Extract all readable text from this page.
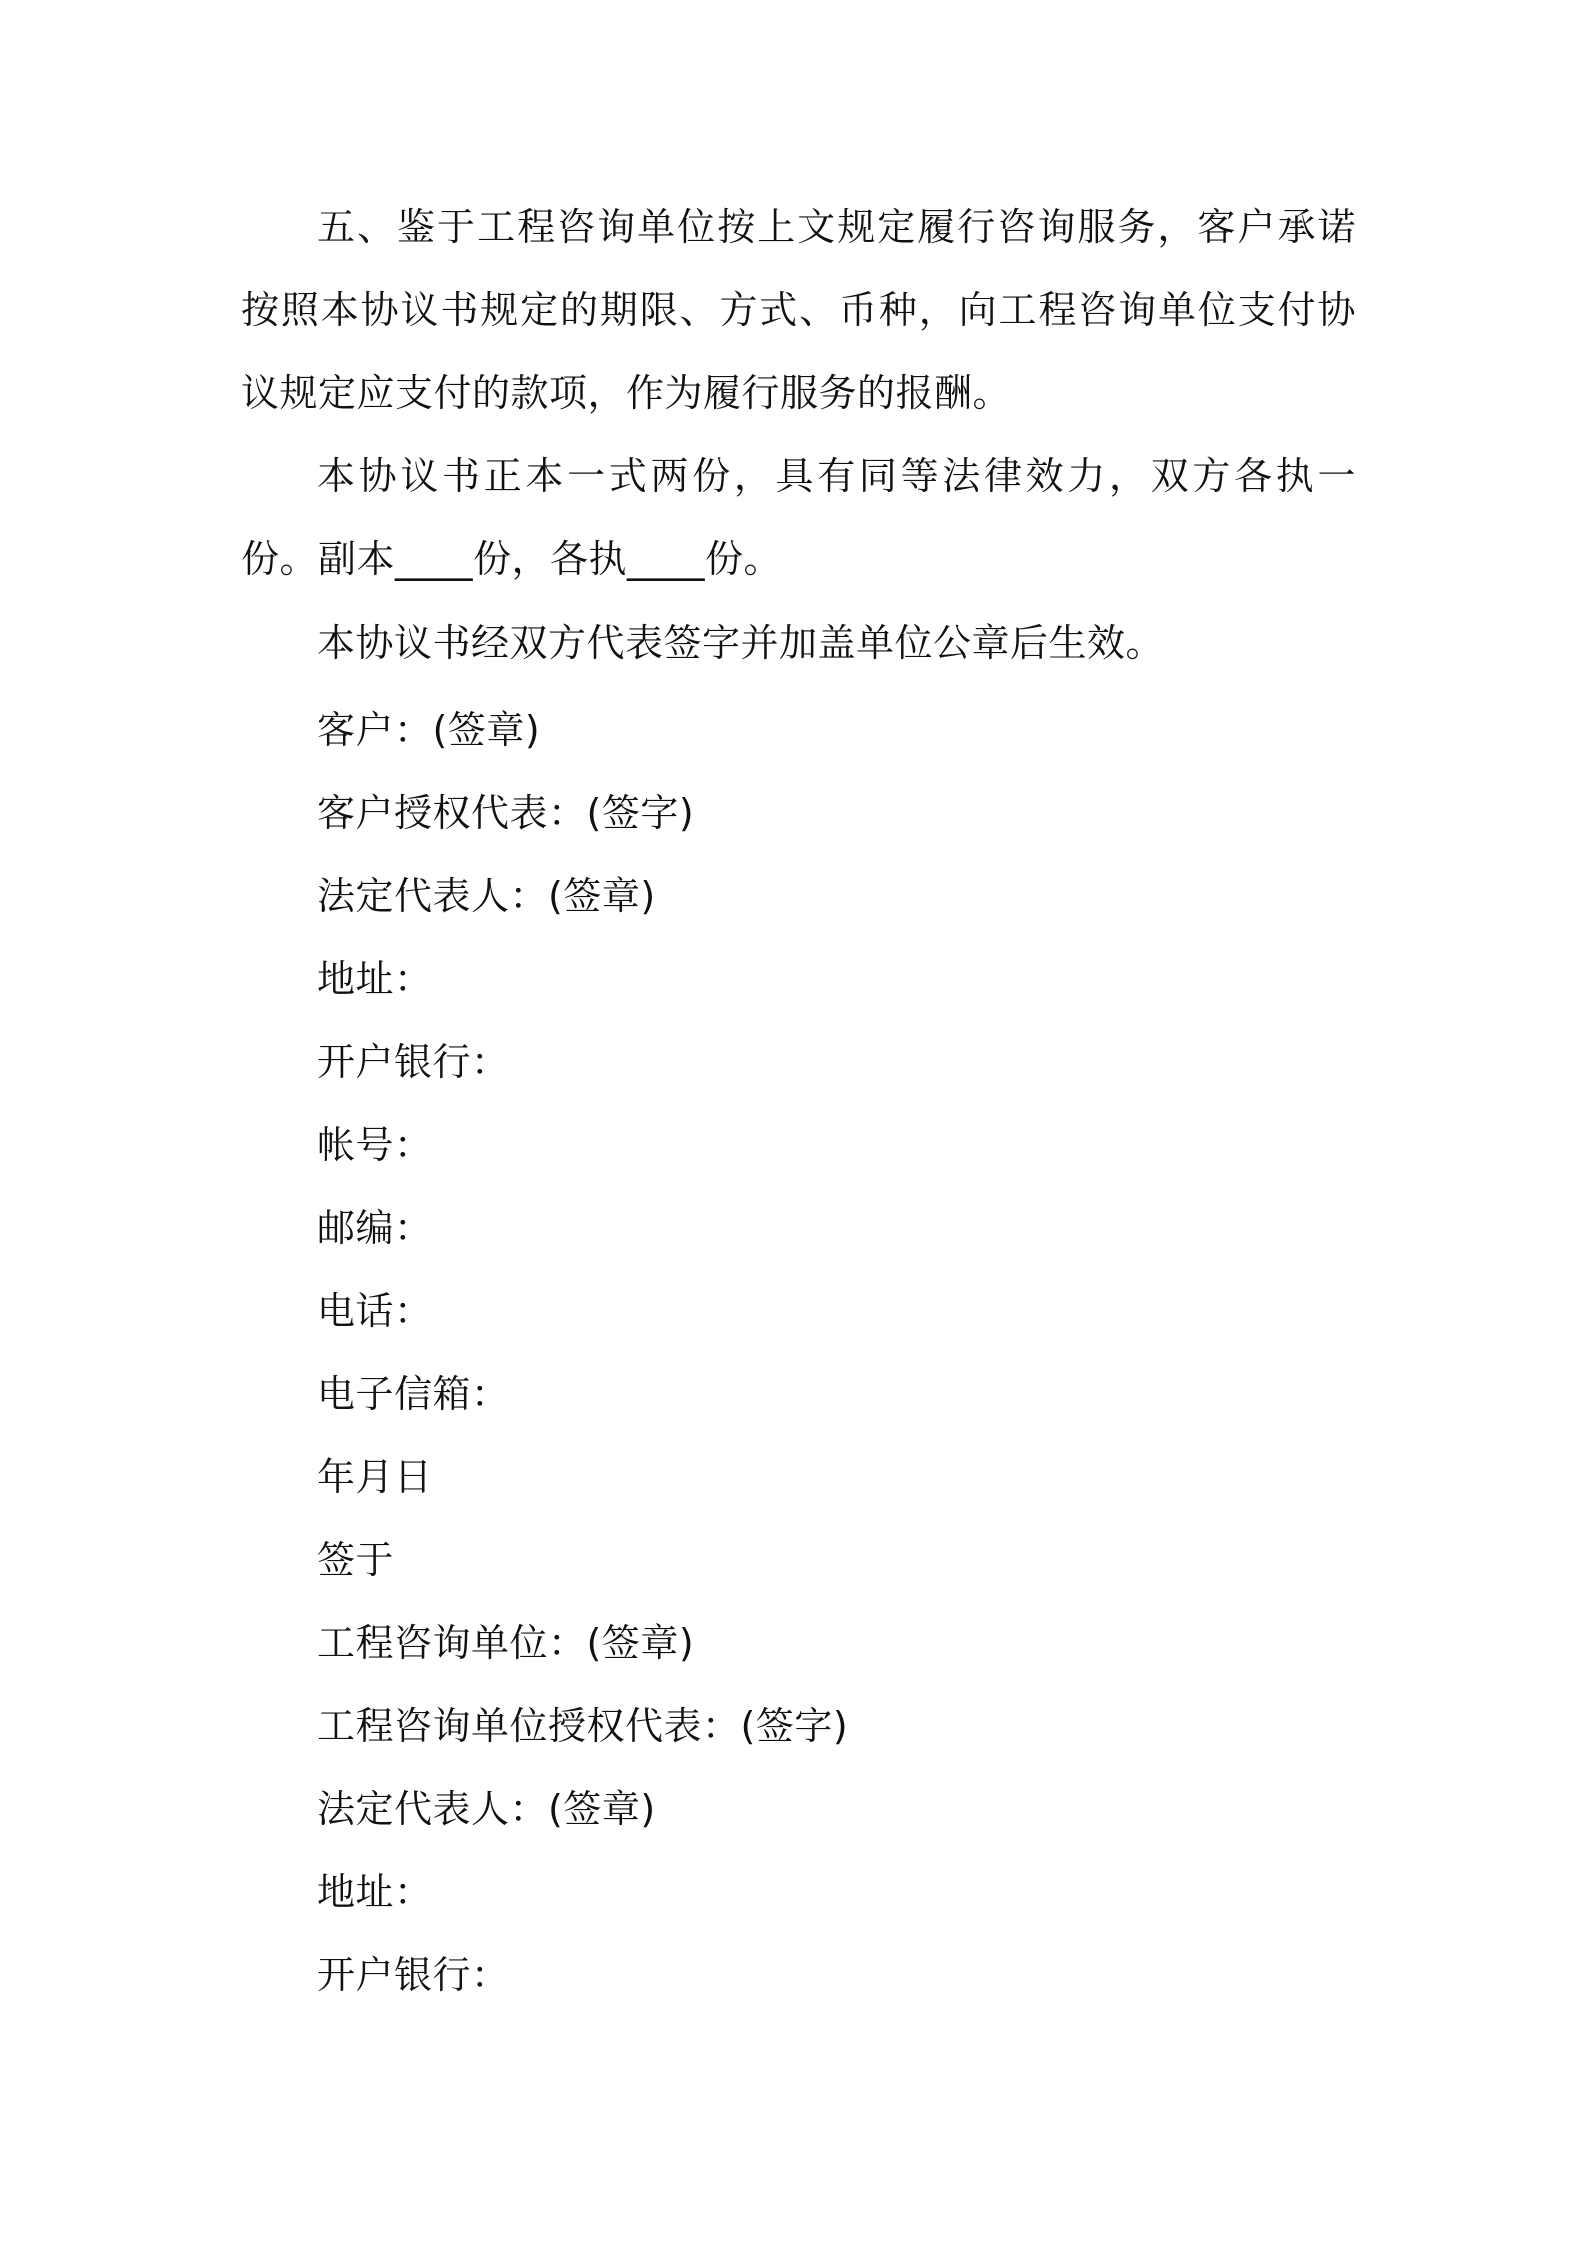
五、鉴于工程咨询单位按上文规定履行咨询服务，客户承诺按照本协议书规定的期限、方式、币种，向工程咨询单位支付协议规定应支付的款项，作为履行服务的报酬。

本协议书正本一式两份，具有同等法律效力，双方各执一份。副本____份，各执____份。

本协议书经双方代表签字并加盖单位公章后生效。

客户：(签章)

客户授权代表：(签字)

法定代表人：(签章)

地址：

开户银行：

帐号：

邮编：

电话：

电子信箱：

年月日

签于

工程咨询单位：(签章)

工程咨询单位授权代表：(签字)

法定代表人：(签章)

地址：

开户银行：
